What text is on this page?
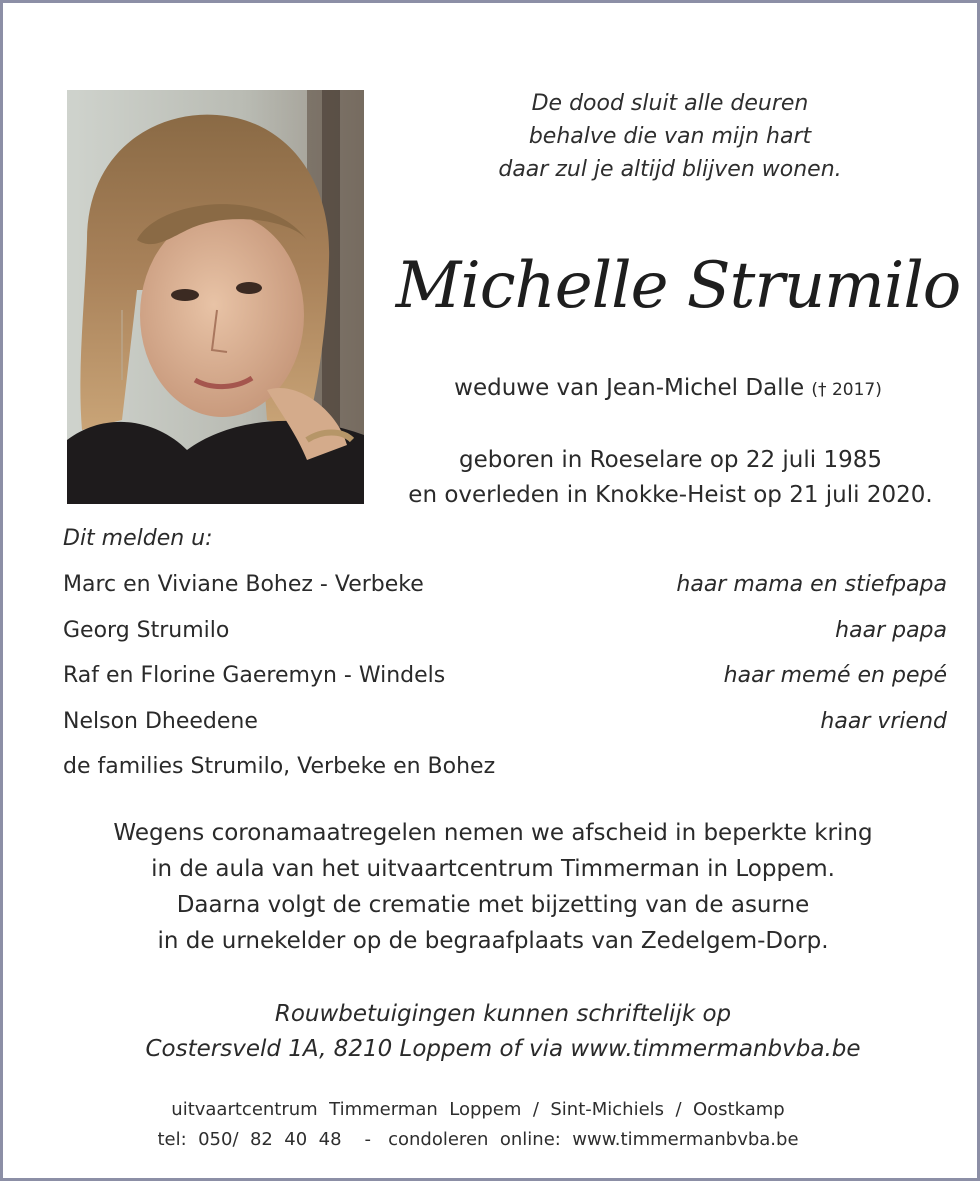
De dood sluit alle deuren
behalve die van mijn hart
daar zul je altijd blijven wonen.
Michelle Strumilo
weduwe van Jean-Michel Dalle († 2017)
geboren in Roeselare op 22 juli 1985
en overleden in Knokke-Heist op 21 juli 2020.
Dit melden u:
Marc en Viviane Bohez - Verbeke	haar mama en stiefpapa
Georg Strumilo	haar papa
Raf en Florine Gaeremyn - Windels	haar memé en pepé
Nelson Dheedene	haar vriend
de families Strumilo, Verbeke en Bohez
Wegens coronamaatregelen nemen we afscheid in beperkte kring
in de aula van het uitvaartcentrum Timmerman in Loppem.
Daarna volgt de crematie met bijzetting van de asurne
in de urnekelder op de begraafplaats van Zedelgem-Dorp.
Rouwbetuigingen kunnen schriftelijk op
Costersveld 1A, 8210 Loppem of via www.timmermanbvba.be
uitvaartcentrum  Timmerman  Loppem  /  Sint-Michiels  /  Oostkamp
tel:  050/  82  40  48    -   condoleren  online:  www.timmermanbvba.be
